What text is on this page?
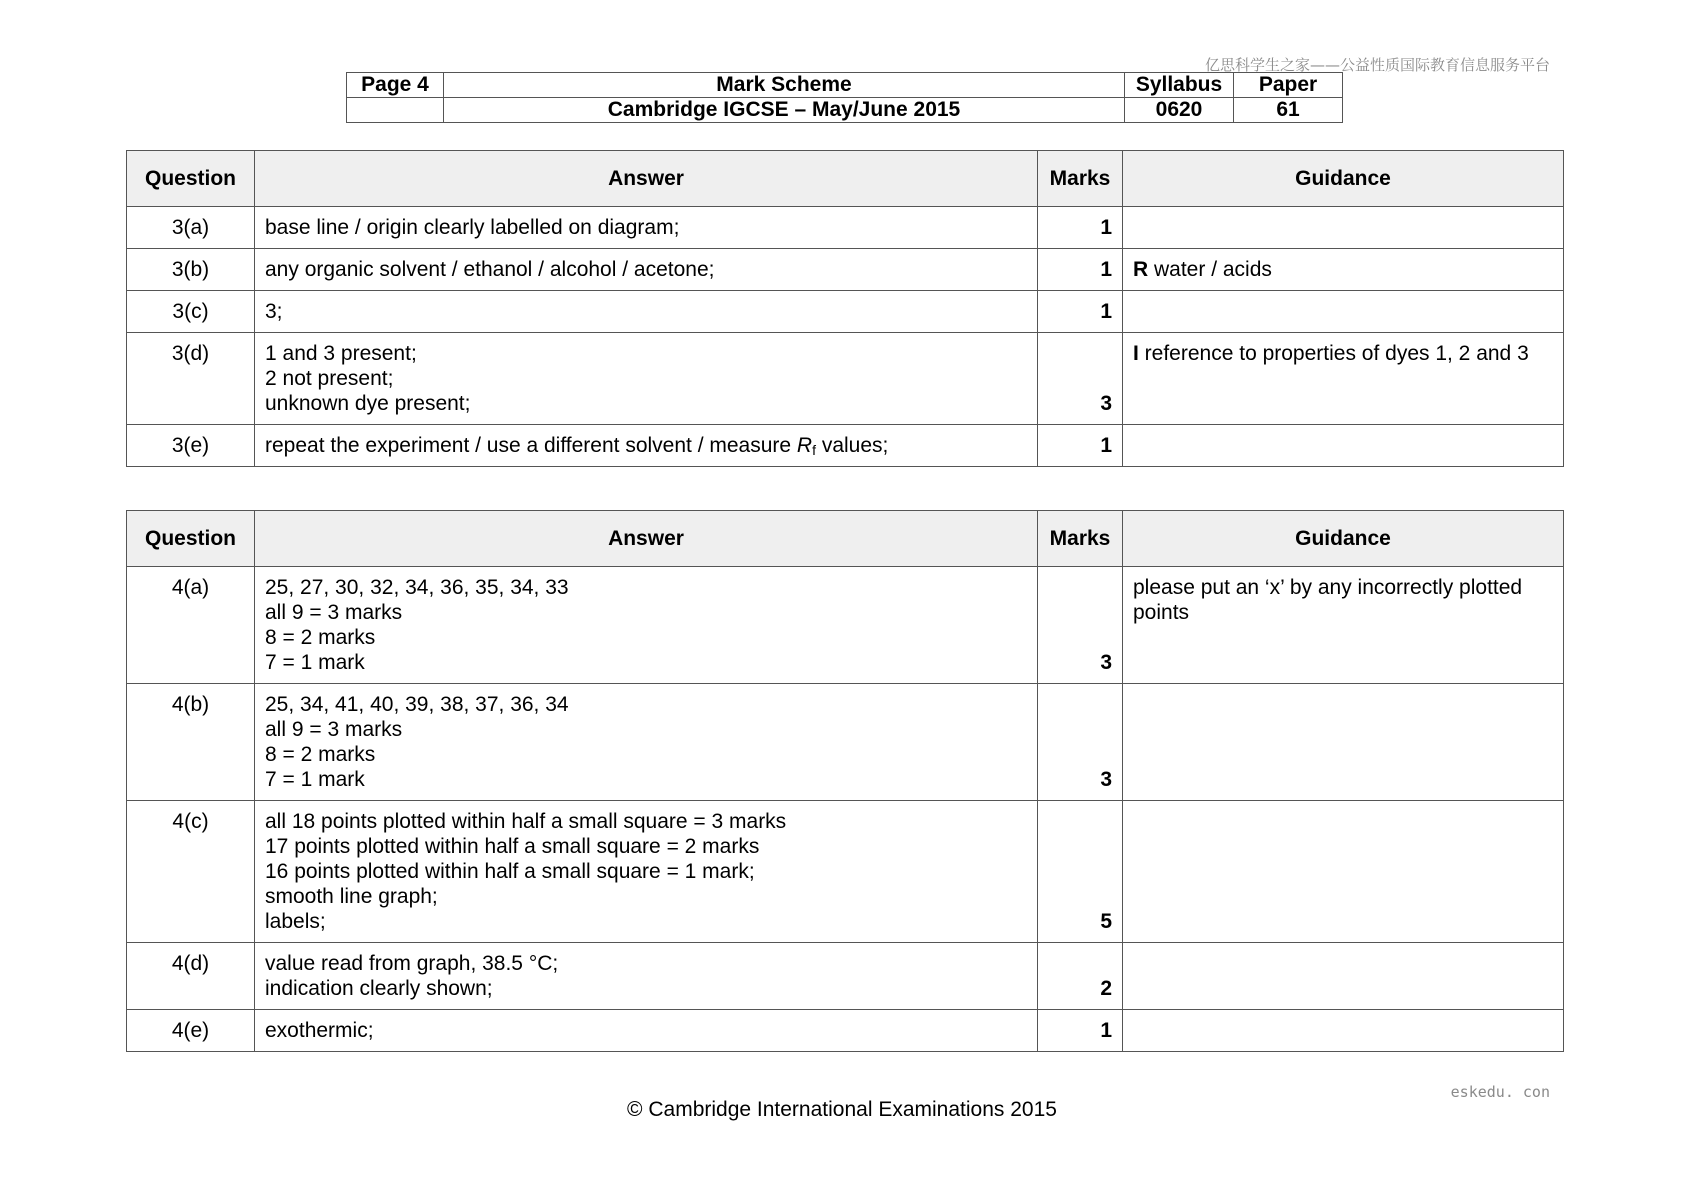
亿思科学生之家——公益性质国际教育信息服务平台
Page 4	Mark Scheme	Syllabus	Paper
	Cambridge IGCSE – May/June 2015	0620	61
Question	Answer	Marks	Guidance
3(a)	base line / origin clearly labelled on diagram;	1	
3(b)	any organic solvent / ethanol / alcohol / acetone;	1	R water / acids
3(c)	3;	1	
3(d)	1 and 3 present;
2 not present;
unknown dye present;	3	I reference to properties of dyes 1, 2 and 3
3(e)	repeat the experiment / use a different solvent / measure $R_f$ values;	1	
Question	Answer	Marks	Guidance
4(a)	25, 27, 30, 32, 34, 36, 35, 34, 33
all 9 = 3 marks
8 = 2 marks
7 = 1 mark	3	please put an ‘x’ by any incorrectly plotted
points

4(b)	25, 34, 41, 40, 39, 38, 37, 36, 34
all 9 = 3 marks
8 = 2 marks
7 = 1 mark	3	
4(c)	all 18 points plotted within half a small square = 3 marks
17 points plotted within half a small square = 2 marks
16 points plotted within half a small square = 1 mark;
smooth line graph;
labels;	5	
4(d)	value read from graph, 38.5 °C;
indication clearly shown;	2	
4(e)	exothermic;	1	
eskedu. con
© Cambridge International Examinations 2015
